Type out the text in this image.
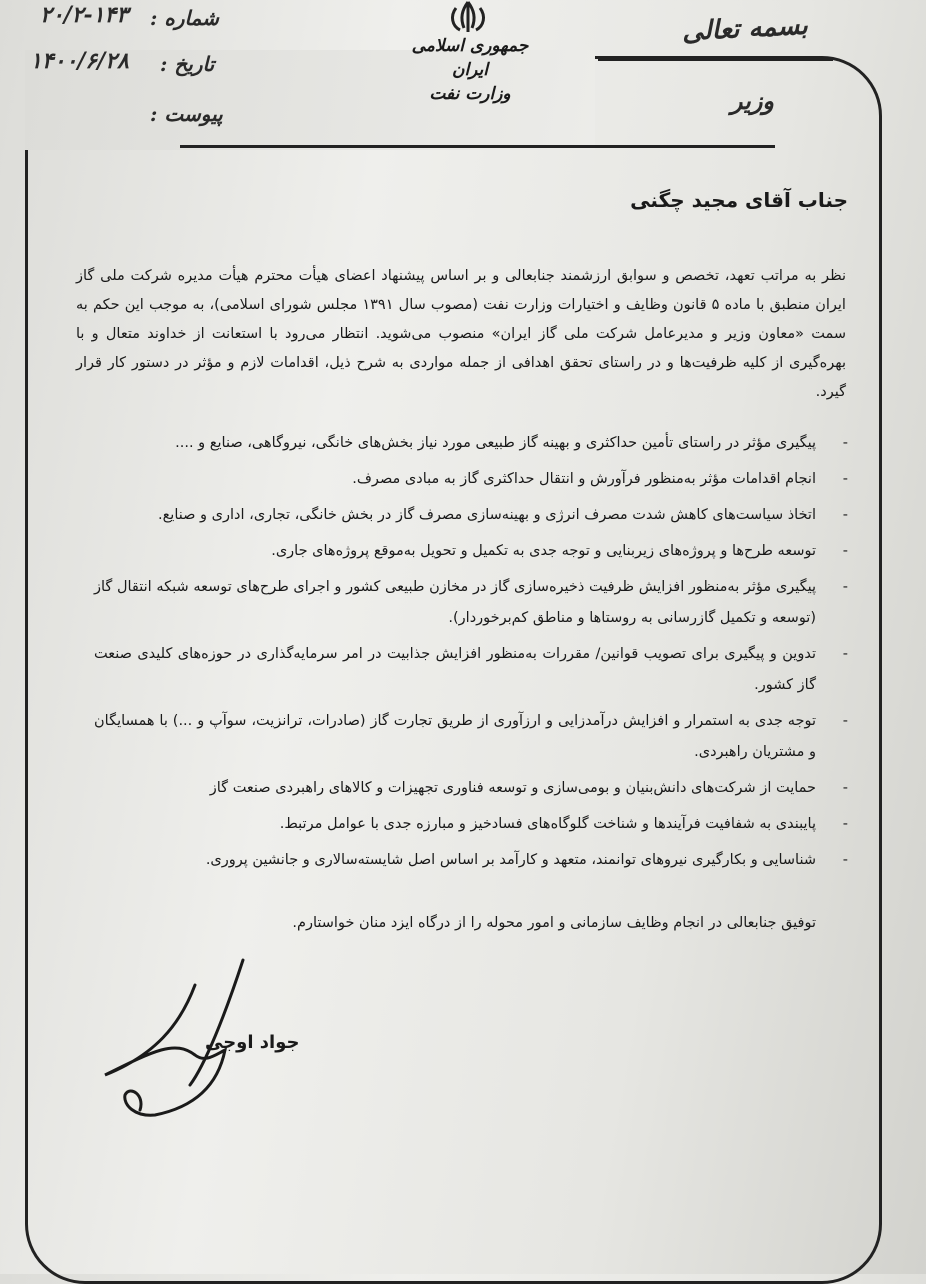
بسمه تعالی
۲۰/۲-۱۴۳ شماره :
۱۴۰۰/۶/۲۸ تاریخ :
پیوست :
جمهوری اسلامی ایران
وزارت نفت	وزیر
جناب آقای مجید چگنی

نظر به مراتب تعهد، تخصص و سوابق ارزشمند جنابعالی و بر اساس پیشنهاد اعضای هیأت محترم هیأت مدیره شرکت ملی گاز ایران منطبق با ماده ۵ قانون وظایف و اختیارات وزارت نفت (مصوب سال ۱۳۹۱ مجلس شورای اسلامی)، به موجب این حکم به سمت «معاون وزیر و مدیرعامل شرکت ملی گاز ایران» منصوب می‌شوید. انتظار می‌رود با استعانت از خداوند متعال و با بهره‌گیری از کلیه ظرفیت‌ها و در راستای تحقق اهدافی از جمله مواردی به شرح ذیل، اقدامات لازم و مؤثر در دستور کار قرار گیرد.

-
پیگیری مؤثر در راستای تأمین حداکثری و بهینه گاز طبیعی مورد نیاز بخش‌های خانگی، نیروگاهی، صنایع و ....
-
انجام اقدامات مؤثر به‌منظور فرآورش و انتقال حداکثری گاز به مبادی مصرف.
-
اتخاذ سیاست‌های کاهش شدت مصرف انرژی و بهینه‌سازی مصرف گاز در بخش خانگی، تجاری، اداری و صنایع.
-
توسعه طرح‌ها و پروژه‌های زیربنایی و توجه جدی به تکمیل و تحویل به‌موقع پروژه‌های جاری.
-
پیگیری مؤثر به‌منظور افزایش ظرفیت ذخیره‌سازی گاز در مخازن طبیعی کشور و اجرای طرح‌های توسعه شبکه انتقال گاز (توسعه و تکمیل گازرسانی به روستاها و مناطق کم‌برخوردار).
-
تدوین و پیگیری برای تصویب قوانین/ مقررات به‌منظور افزایش جذابیت در امر سرمایه‌گذاری در حوزه‌های کلیدی صنعت گاز کشور.
-
توجه جدی به استمرار و افزایش درآمدزایی و ارزآوری از طریق تجارت گاز (صادرات، ترانزیت، سوآپ و ...) با همسایگان و مشتریان راهبردی.
-
حمایت از شرکت‌های دانش‌بنیان و بومی‌سازی و توسعه فناوری تجهیزات و کالاهای راهبردی صنعت گاز
-
پایبندی به شفافیت فرآیندها و شناخت گلوگاه‌های فسادخیز و مبارزه جدی با عوامل مرتبط.
-
شناسایی و بکارگیری نیروهای توانمند، متعهد و کارآمد بر اساس اصل شایسته‌سالاری و جانشین پروری.
توفیق جنابعالی در انجام وظایف سازمانی و امور محوله را از درگاه ایزد منان خواستارم.
جواد اوجی
